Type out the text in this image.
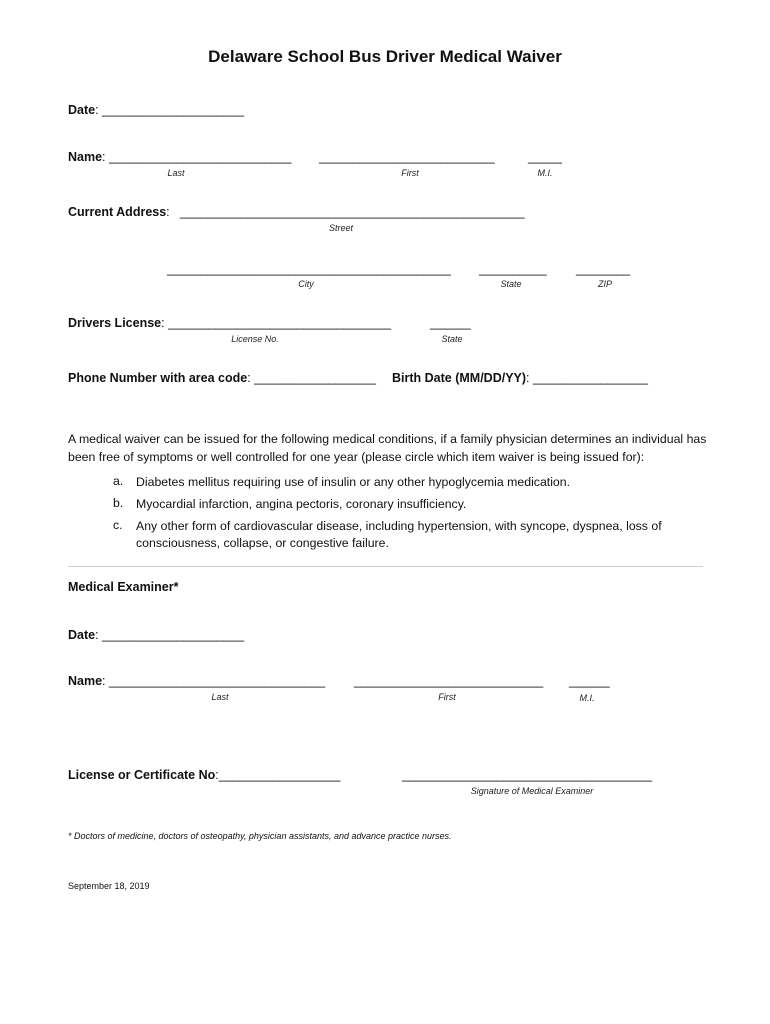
Delaware School Bus Driver Medical Waiver
Date: _____________________
Name: ___________________________ __________________________	_____
Last	First	M.I.
Current Address: ___________________________________________________
Street
__________________________________________ __________ ________
City	State	ZIP
Drivers License: _________________________________	______
License No.	State
Phone Number with area code: __________________ Birth Date (MM/DD/YY): _________________
A medical waiver can be issued for the following medical conditions, if a family physician determines an individual has been free of symptoms or well controlled for one year (please circle which item waiver is being issued for):
a. Diabetes mellitus requiring use of insulin or any other hypoglycemia medication.
b. Myocardial infarction, angina pectoris, coronary insufficiency.
c. Any other form of cardiovascular disease, including hypertension, with syncope, dyspnea, loss of consciousness, collapse, or congestive failure.
Medical Examiner*
Date: _____________________
Name: ________________________________ ____________________________ ______
Last	First	M.I.
License or Certificate No:__________________	_____________________________________
Signature of Medical Examiner
* Doctors of medicine, doctors of osteopathy, physician assistants, and advance practice nurses.
September 18, 2019
